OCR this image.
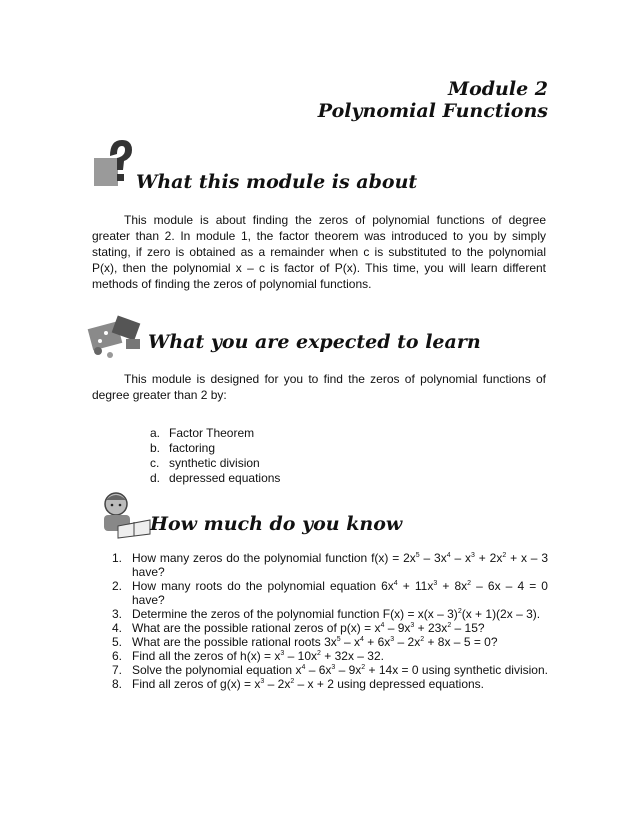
Module 2
Polynomial Functions
What this module is about
This module is about finding the zeros of polynomial functions of degree greater than 2. In module 1, the factor theorem was introduced to you by simply stating, if zero is obtained as a remainder when c is substituted to the polynomial P(x), then the polynomial x – c is factor of P(x). This time, you will learn different methods of finding the zeros of polynomial functions.
What you are expected to learn
This module is designed for you to find the zeros of polynomial functions of degree greater than 2 by:
a. Factor Theorem
b. factoring
c. synthetic division
d. depressed equations
How much do you know
1. How many zeros do the polynomial function $f(x) = 2x^5 - 3x^4 - x^3 + 2x^2 + x - 3$ have?
2. How many roots do the polynomial equation $6x^4 + 11x^3 + 8x^2 - 6x - 4 = 0$ have?
3. Determine the zeros of the polynomial function F(x) = x(x – 3)$^2$(x + 1)(2x – 3).
4. What are the possible rational zeros of $p(x) = x^4 - 9x^3 + 23x^2 - 15$?
5. What are the possible rational roots $3x^5 - x^4 + 6x^3 - 2x^2 + 8x - 5 = 0$?
6. Find all the zeros of $h(x) = x^3 - 10x^2 + 32x - 32$.
7. Solve the polynomial equation $x^4 - 6x^3 - 9x^2 + 14x = 0$ using synthetic division.
8. Find all zeros of $g(x) = x^3 - 2x^2 - x + 2$ using depressed equations.
